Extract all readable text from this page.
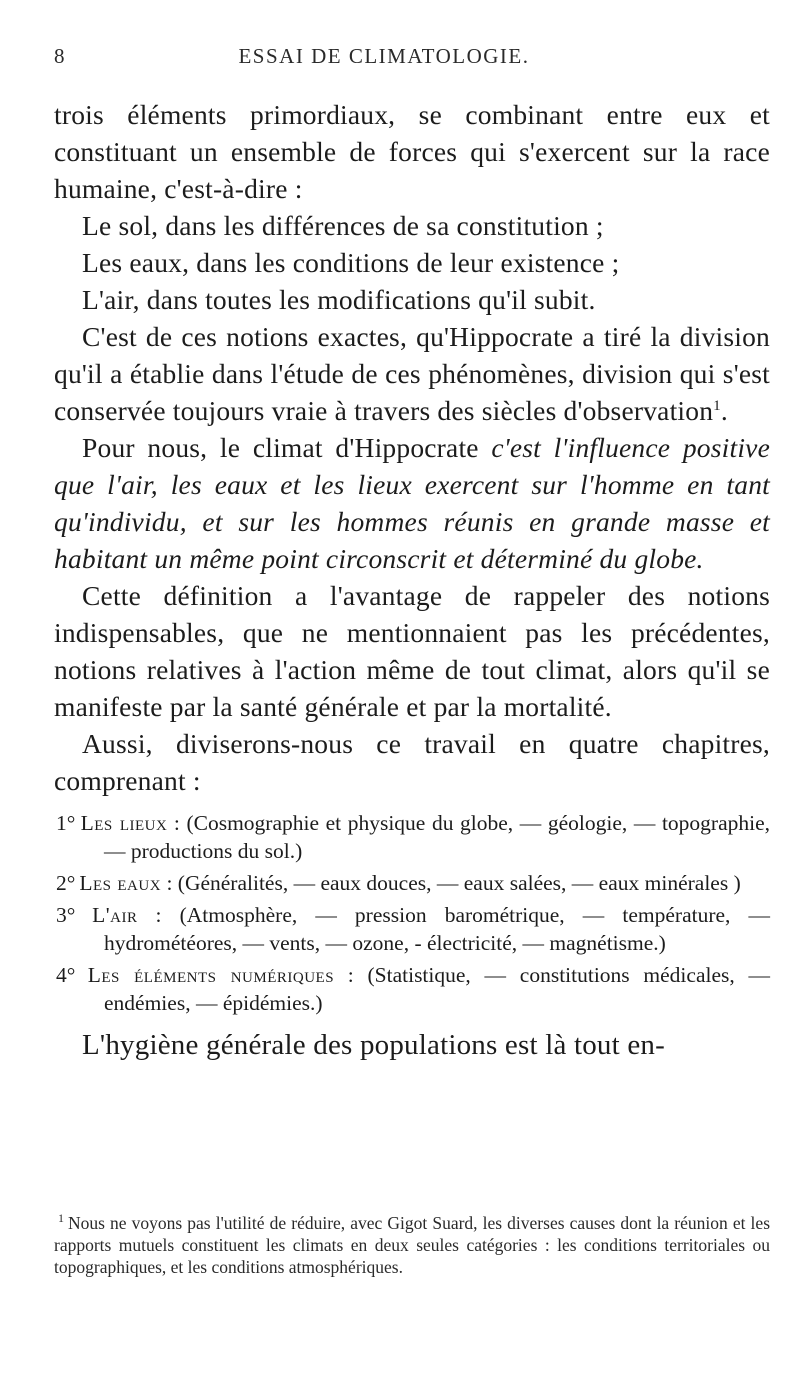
8	ESSAI DE CLIMATOLOGIE.

trois éléments primordiaux, se combinant entre eux et constituant un ensemble de forces qui s'exercent sur la race humaine, c'est-à-dire :

Le sol, dans les différences de sa constitution ;

Les eaux, dans les conditions de leur existence ;

L'air, dans toutes les modifications qu'il subit.

C'est de ces notions exactes, qu'Hippocrate a tiré la division qu'il a établie dans l'étude de ces phénomènes, division qui s'est conservée toujours vraie à travers des siècles d'observation$^1$.

Pour nous, le climat d'Hippocrate c'est l'influence positive que l'air, les eaux et les lieux exercent sur l'homme en tant qu'individu, et sur les hommes réunis en grande masse et habitant un même point circonscrit et déterminé du globe.

Cette définition a l'avantage de rappeler des notions indispensables, que ne mentionnaient pas les précédentes, notions relatives à l'action même de tout climat, alors qu'il se manifeste par la santé générale et par la mortalité.

Aussi, diviserons-nous ce travail en quatre chapitres, comprenant :

1° Les lieux : (Cosmographie et physique du globe, — géologie, — topographie, — productions du sol.)

2° Les eaux : (Généralités, — eaux douces, — eaux salées, — eaux minérales )

3° L'air : (Atmosphère, — pression barométrique, — température, — hydrométéores, — vents, — ozone, - électricité, — magnétisme.)

4° Les éléments numériques : (Statistique, — constitutions médicales, — endémies, — épidémies.)

L'hygiène générale des populations est là tout en-

$^1$ Nous ne voyons pas l'utilité de réduire, avec Gigot Suard, les diverses causes dont la réunion et les rapports mutuels constituent les climats en deux seules catégories : les conditions territoriales ou topographiques, et les conditions atmosphériques.
